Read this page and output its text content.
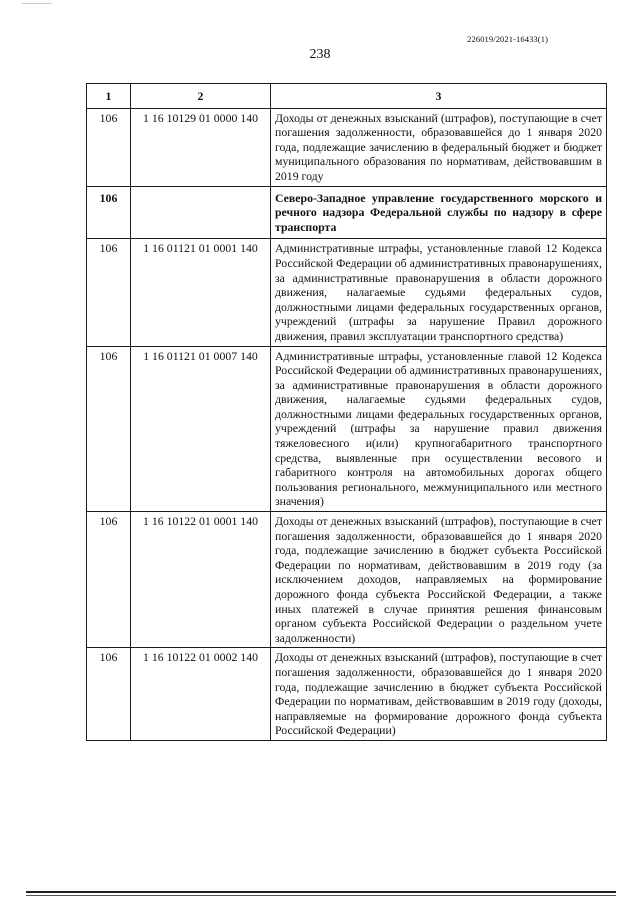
226019/2021-16433(1)
238
1	2	3
106	1 16 10129 01 0000 140	Доходы от денежных взысканий (штрафов), поступающие в счет погашения задолженности, образовавшейся до 1 января 2020 года, подлежащие зачислению в федеральный бюджет и бюджет муниципального образования по нормативам, действовавшим в 2019 году
106		Северо-Западное управление государственного морского и речного надзора Федеральной службы по надзору в сфере транспорта
106	1 16 01121 01 0001 140	Административные штрафы, установленные главой 12 Кодекса Российской Федерации об административных правонарушениях, за административные правонарушения в области дорожного движения, налагаемые судьями федеральных судов, должностными лицами федеральных государственных органов, учреждений (штрафы за нарушение Правил дорожного движения, правил эксплуатации транспортного средства)
106	1 16 01121 01 0007 140	Административные штрафы, установленные главой 12 Кодекса Российской Федерации об административных правонарушениях, за административные правонарушения в области дорожного движения, налагаемые судьями федеральных судов, должностными лицами федеральных государственных органов, учреждений (штрафы за нарушение правил движения тяжеловесного и(или) крупногабаритного транспортного средства, выявленные при осуществлении весового и габаритного контроля на автомобильных дорогах общего пользования регионального, межмуниципального или местного значения)
106	1 16 10122 01 0001 140	Доходы от денежных взысканий (штрафов), поступающие в счет погашения задолженности, образовавшейся до 1 января 2020 года, подлежащие зачислению в бюджет субъекта Российской Федерации по нормативам, действовавшим в 2019 году (за исключением доходов, направляемых на формирование дорожного фонда субъекта Российской Федерации, а также иных платежей в случае принятия решения финансовым органом субъекта Российской Федерации о раздельном учете задолженности)
106	1 16 10122 01 0002 140	Доходы от денежных взысканий (штрафов), поступающие в счет погашения задолженности, образовавшейся до 1 января 2020 года, подлежащие зачислению в бюджет субъекта Российской Федерации по нормативам, действовавшим в 2019 году (доходы, направляемые на формирование дорожного фонда субъекта Российской Федерации)
